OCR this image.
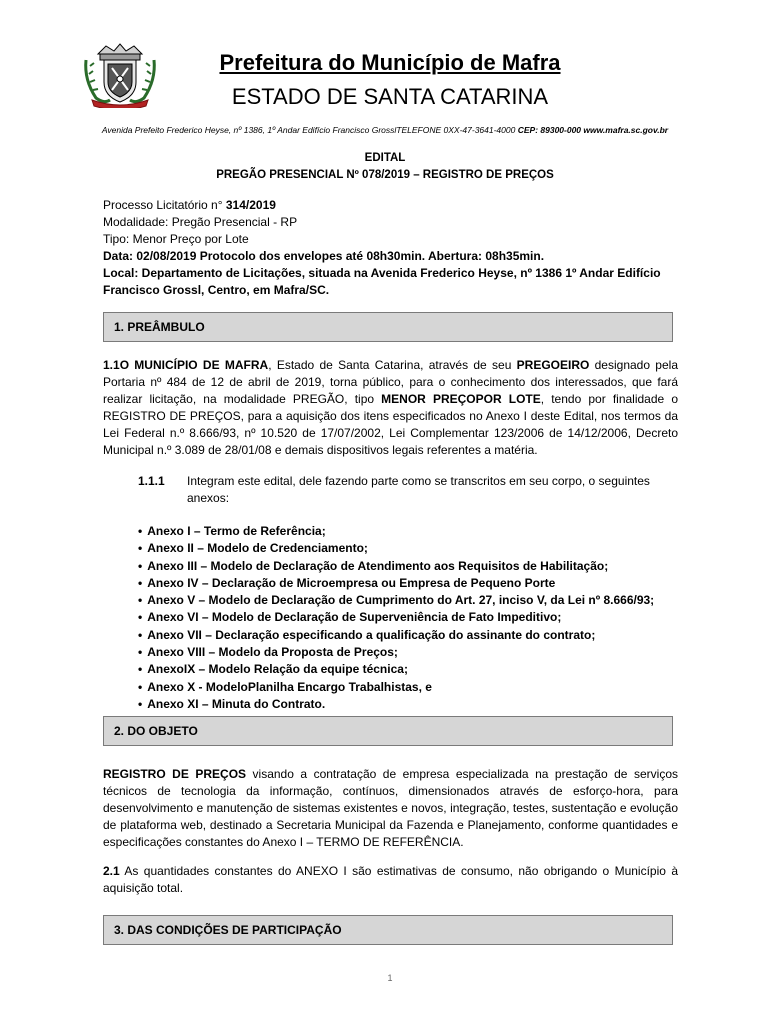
Prefeitura do Município de Mafra
ESTADO DE SANTA CATARINA
Avenida Prefeito Frederico Heyse, nº 1386, 1º Andar Edifício Francisco GrosslTELEFONE 0XX-47-3641-4000 CEP: 89300-000 www.mafra.sc.gov.br
EDITAL
PREGÃO PRESENCIAL Nº 078/2019 – REGISTRO DE PREÇOS

Processo Licitatório n° 314/2019

Modalidade: Pregão Presencial - RP

Tipo: Menor Preço por Lote

Data: 02/08/2019 Protocolo dos envelopes até 08h30min. Abertura: 08h35min.

Local: Departamento de Licitações, situada na Avenida Frederico Heyse, nº 1386 1º Andar Edifício Francisco Grossl, Centro, em Mafra/SC.

1. PREÂMBULO

1.1O MUNICÍPIO DE MAFRA, Estado de Santa Catarina, através de seu PREGOEIRO designado pela Portaria nº 484 de 12 de abril de 2019, torna público, para o conhecimento dos interessados, que fará realizar licitação, na modalidade PREGÃO, tipo MENOR PREÇOPOR LOTE, tendo por finalidade o REGISTRO DE PREÇOS, para a aquisição dos itens especificados no Anexo I deste Edital, nos termos da Lei Federal n.º 8.666/93, nº 10.520 de 17/07/2002, Lei Complementar 123/2006 de 14/12/2006, Decreto Municipal n.º 3.089 de 28/01/08 e demais dispositivos legais referentes a matéria.

1.1.1 Integram este edital, dele fazendo parte como se transcritos em seu corpo, o seguintes anexos:
• Anexo I – Termo de Referência;
• Anexo II – Modelo de Credenciamento;
• Anexo III – Modelo de Declaração de Atendimento aos Requisitos de Habilitação;
• Anexo IV – Declaração de Microempresa ou Empresa de Pequeno Porte
• Anexo V – Modelo de Declaração de Cumprimento do Art. 27, inciso V, da Lei nº 8.666/93;
• Anexo VI – Modelo de Declaração de Superveniência de Fato Impeditivo;
• Anexo VII – Declaração especificando a qualificação do assinante do contrato;
• Anexo VIII – Modelo da Proposta de Preços;
• AnexoIX – Modelo Relação da equipe técnica;
• Anexo X - ModeloPlanilha Encargo Trabalhistas, e
• Anexo XI – Minuta do Contrato.
2. DO OBJETO

REGISTRO DE PREÇOS visando a contratação de empresa especializada na prestação de serviços técnicos de tecnologia da informação, contínuos, dimensionados através de esforço-hora, para desenvolvimento e manutenção de sistemas existentes e novos, integração, testes, sustentação e evolução de plataforma web, destinado a Secretaria Municipal da Fazenda e Planejamento, conforme quantidades e especificações constantes do Anexo I – TERMO DE REFERÊNCIA.

2.1 As quantidades constantes do ANEXO I são estimativas de consumo, não obrigando o Município à aquisição total.

3. DAS CONDIÇÕES DE PARTICIPAÇÃO
1
